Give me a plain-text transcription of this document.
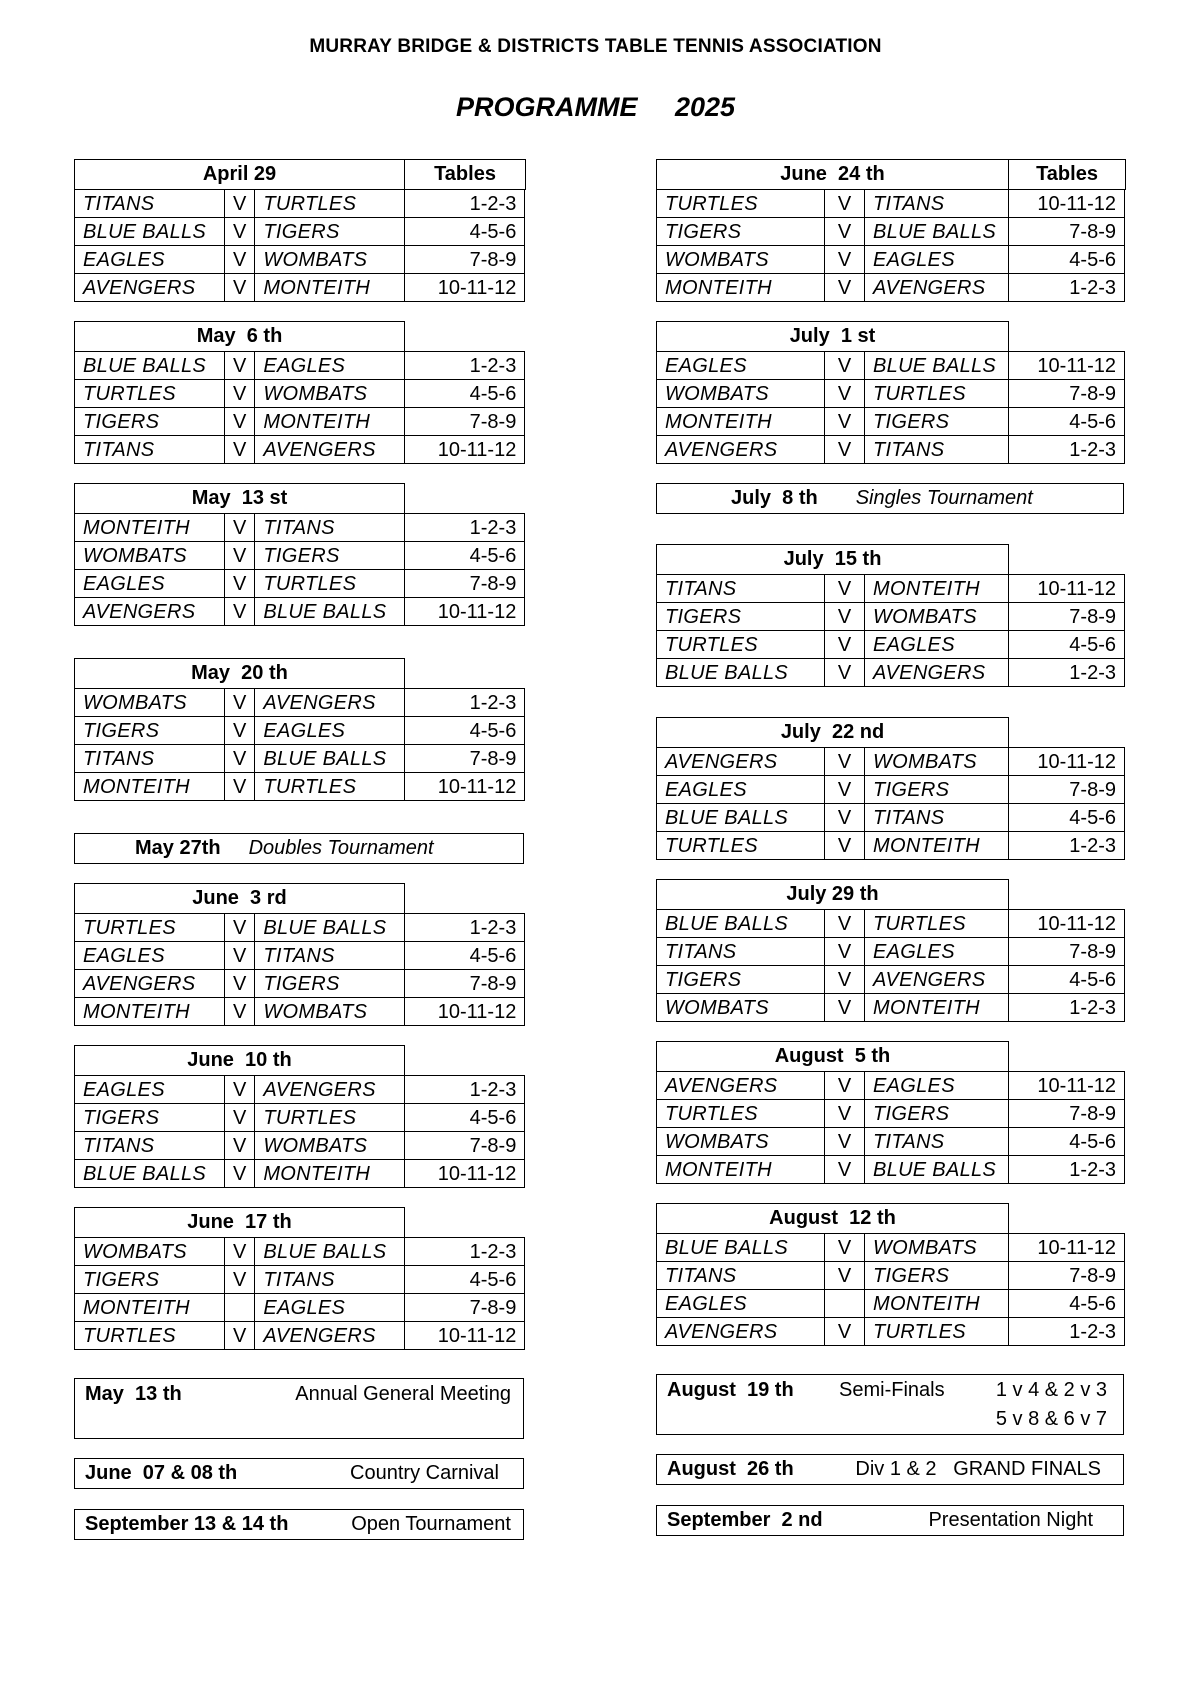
MURRAY BRIDGE & DISTRICTS TABLE TENNIS ASSOCIATION
PROGRAMME     2025
April 29	Tables
TITANS	V	TURTLES	1-2-3
BLUE BALLS	V	TIGERS	4-5-6
EAGLES	V	WOMBATS	7-8-9
AVENGERS	V	MONTEITH	10-11-12
May  6 th
BLUE BALLS	V	EAGLES	1-2-3
TURTLES	V	WOMBATS	4-5-6
TIGERS	V	MONTEITH	7-8-9
TITANS	V	AVENGERS	10-11-12
May  13 st
MONTEITH	V	TITANS	1-2-3
WOMBATS	V	TIGERS	4-5-6
EAGLES	V	TURTLES	7-8-9
AVENGERS	V	BLUE BALLS	10-11-12
May  20 th
WOMBATS	V	AVENGERS	1-2-3
TIGERS	V	EAGLES	4-5-6
TITANS	V	BLUE BALLS	7-8-9
MONTEITH	V	TURTLES	10-11-12
May 27th Doubles Tournament
June  3 rd
TURTLES	V	BLUE BALLS	1-2-3
EAGLES	V	TITANS	4-5-6
AVENGERS	V	TIGERS	7-8-9
MONTEITH	V	WOMBATS	10-11-12
June  10 th
EAGLES	V	AVENGERS	1-2-3
TIGERS	V	TURTLES	4-5-6
TITANS	V	WOMBATS	7-8-9
BLUE BALLS	V	MONTEITH	10-11-12
June  17 th
WOMBATS	V	BLUE BALLS	1-2-3
TIGERS	V	TITANS	4-5-6
MONTEITH		EAGLES	7-8-9
TURTLES	V	AVENGERS	10-11-12
May  13 th	Annual General Meeting
June  07 & 08 th	Country Carnival
September 13 & 14 th	Open Tournament
June  24 th	Tables
TURTLES	V	TITANS	10-11-12
TIGERS	V	BLUE BALLS	7-8-9
WOMBATS	V	EAGLES	4-5-6
MONTEITH	V	AVENGERS	1-2-3
July  1 st
EAGLES	V	BLUE BALLS	10-11-12
WOMBATS	V	TURTLES	7-8-9
MONTEITH	V	TIGERS	4-5-6
AVENGERS	V	TITANS	1-2-3
July  8 th Singles Tournament
July  15 th
TITANS	V	MONTEITH	10-11-12
TIGERS	V	WOMBATS	7-8-9
TURTLES	V	EAGLES	4-5-6
BLUE BALLS	V	AVENGERS	1-2-3
July  22 nd
AVENGERS	V	WOMBATS	10-11-12
EAGLES	V	TIGERS	7-8-9
BLUE BALLS	V	TITANS	4-5-6
TURTLES	V	MONTEITH	1-2-3
July 29 th
BLUE BALLS	V	TURTLES	10-11-12
TITANS	V	EAGLES	7-8-9
TIGERS	V	AVENGERS	4-5-6
WOMBATS	V	MONTEITH	1-2-3
August  5 th
AVENGERS	V	EAGLES	10-11-12
TURTLES	V	TIGERS	7-8-9
WOMBATS	V	TITANS	4-5-6
MONTEITH	V	BLUE BALLS	1-2-3
August  12 th
BLUE BALLS	V	WOMBATS	10-11-12
TITANS	V	TIGERS	7-8-9
EAGLES		MONTEITH	4-5-6
AVENGERS	V	TURTLES	1-2-3
August  19 th Semi-Finals	1 v 4 & 2 v 3
5 v 8 & 6 v 7
August  26 th	Div 1 & 2   GRAND FINALS
September  2 nd	Presentation Night
